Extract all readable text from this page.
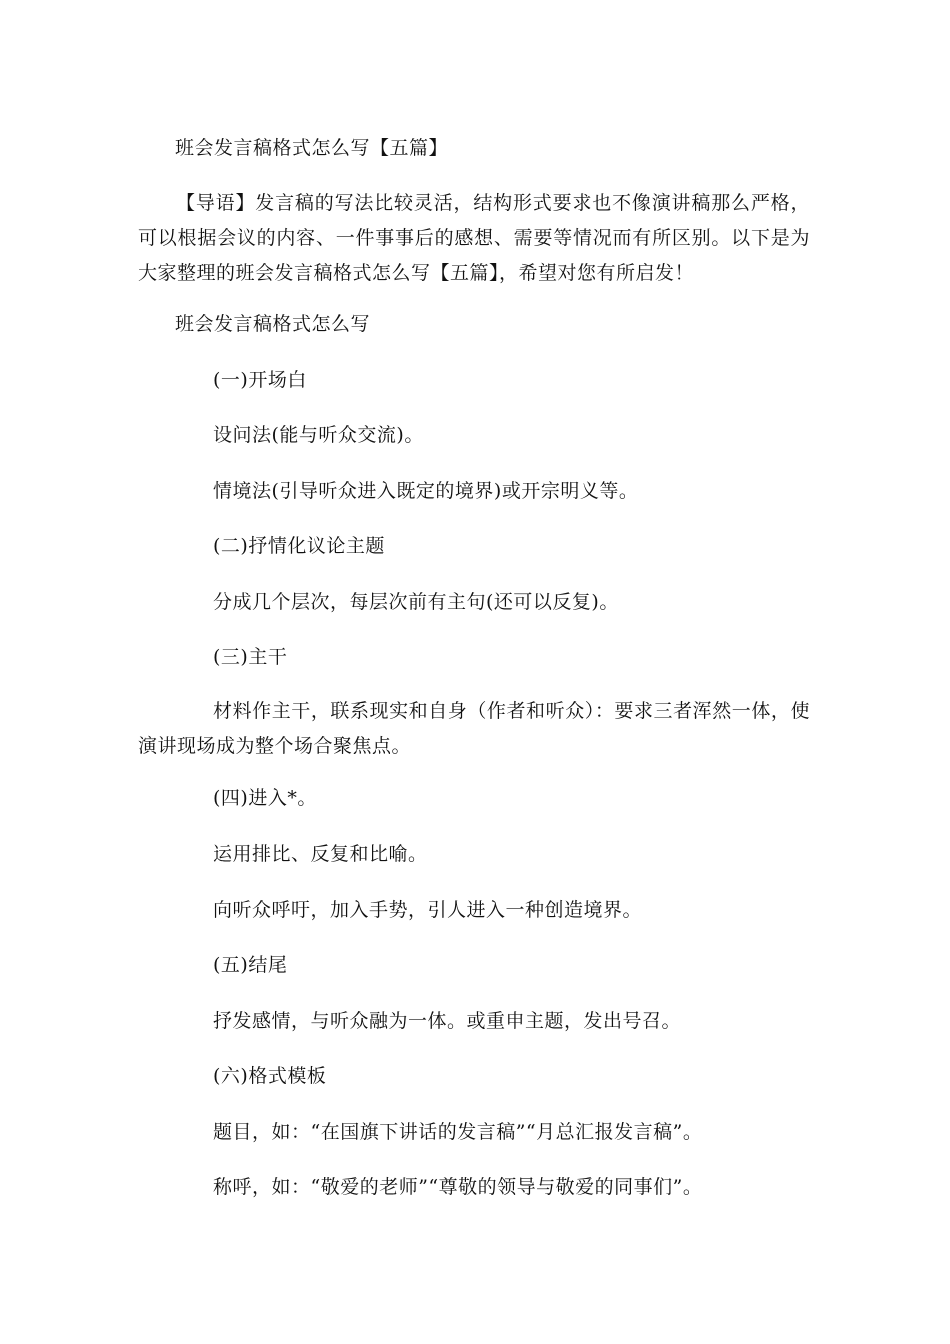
班会发言稿格式怎么写【五篇】
【导语】发言稿的写法比较灵活，结构形式要求也不像演讲稿那么严格，可以根据会议的内容、一件事事后的感想、需要等情况而有所区别。以下是为大家整理的班会发言稿格式怎么写【五篇】，希望对您有所启发！
班会发言稿格式怎么写
(一)开场白
设问法(能与听众交流)。
情境法(引导听众进入既定的境界)或开宗明义等。
(二)抒情化议论主题
分成几个层次，每层次前有主句(还可以反复)。
(三)主干
材料作主干，联系现实和自身（作者和听众）：要求三者浑然一体，使演讲现场成为整个场合聚焦点。
(四)进入*。
运用排比、反复和比喻。
向听众呼吁，加入手势，引人进入一种创造境界。
(五)结尾
抒发感情，与听众融为一体。或重申主题，发出号召。
(六)格式模板
题目，如：“在国旗下讲话的发言稿”“月总汇报发言稿”。
称呼，如：“敬爱的老师”“尊敬的领导与敬爱的同事们”。
